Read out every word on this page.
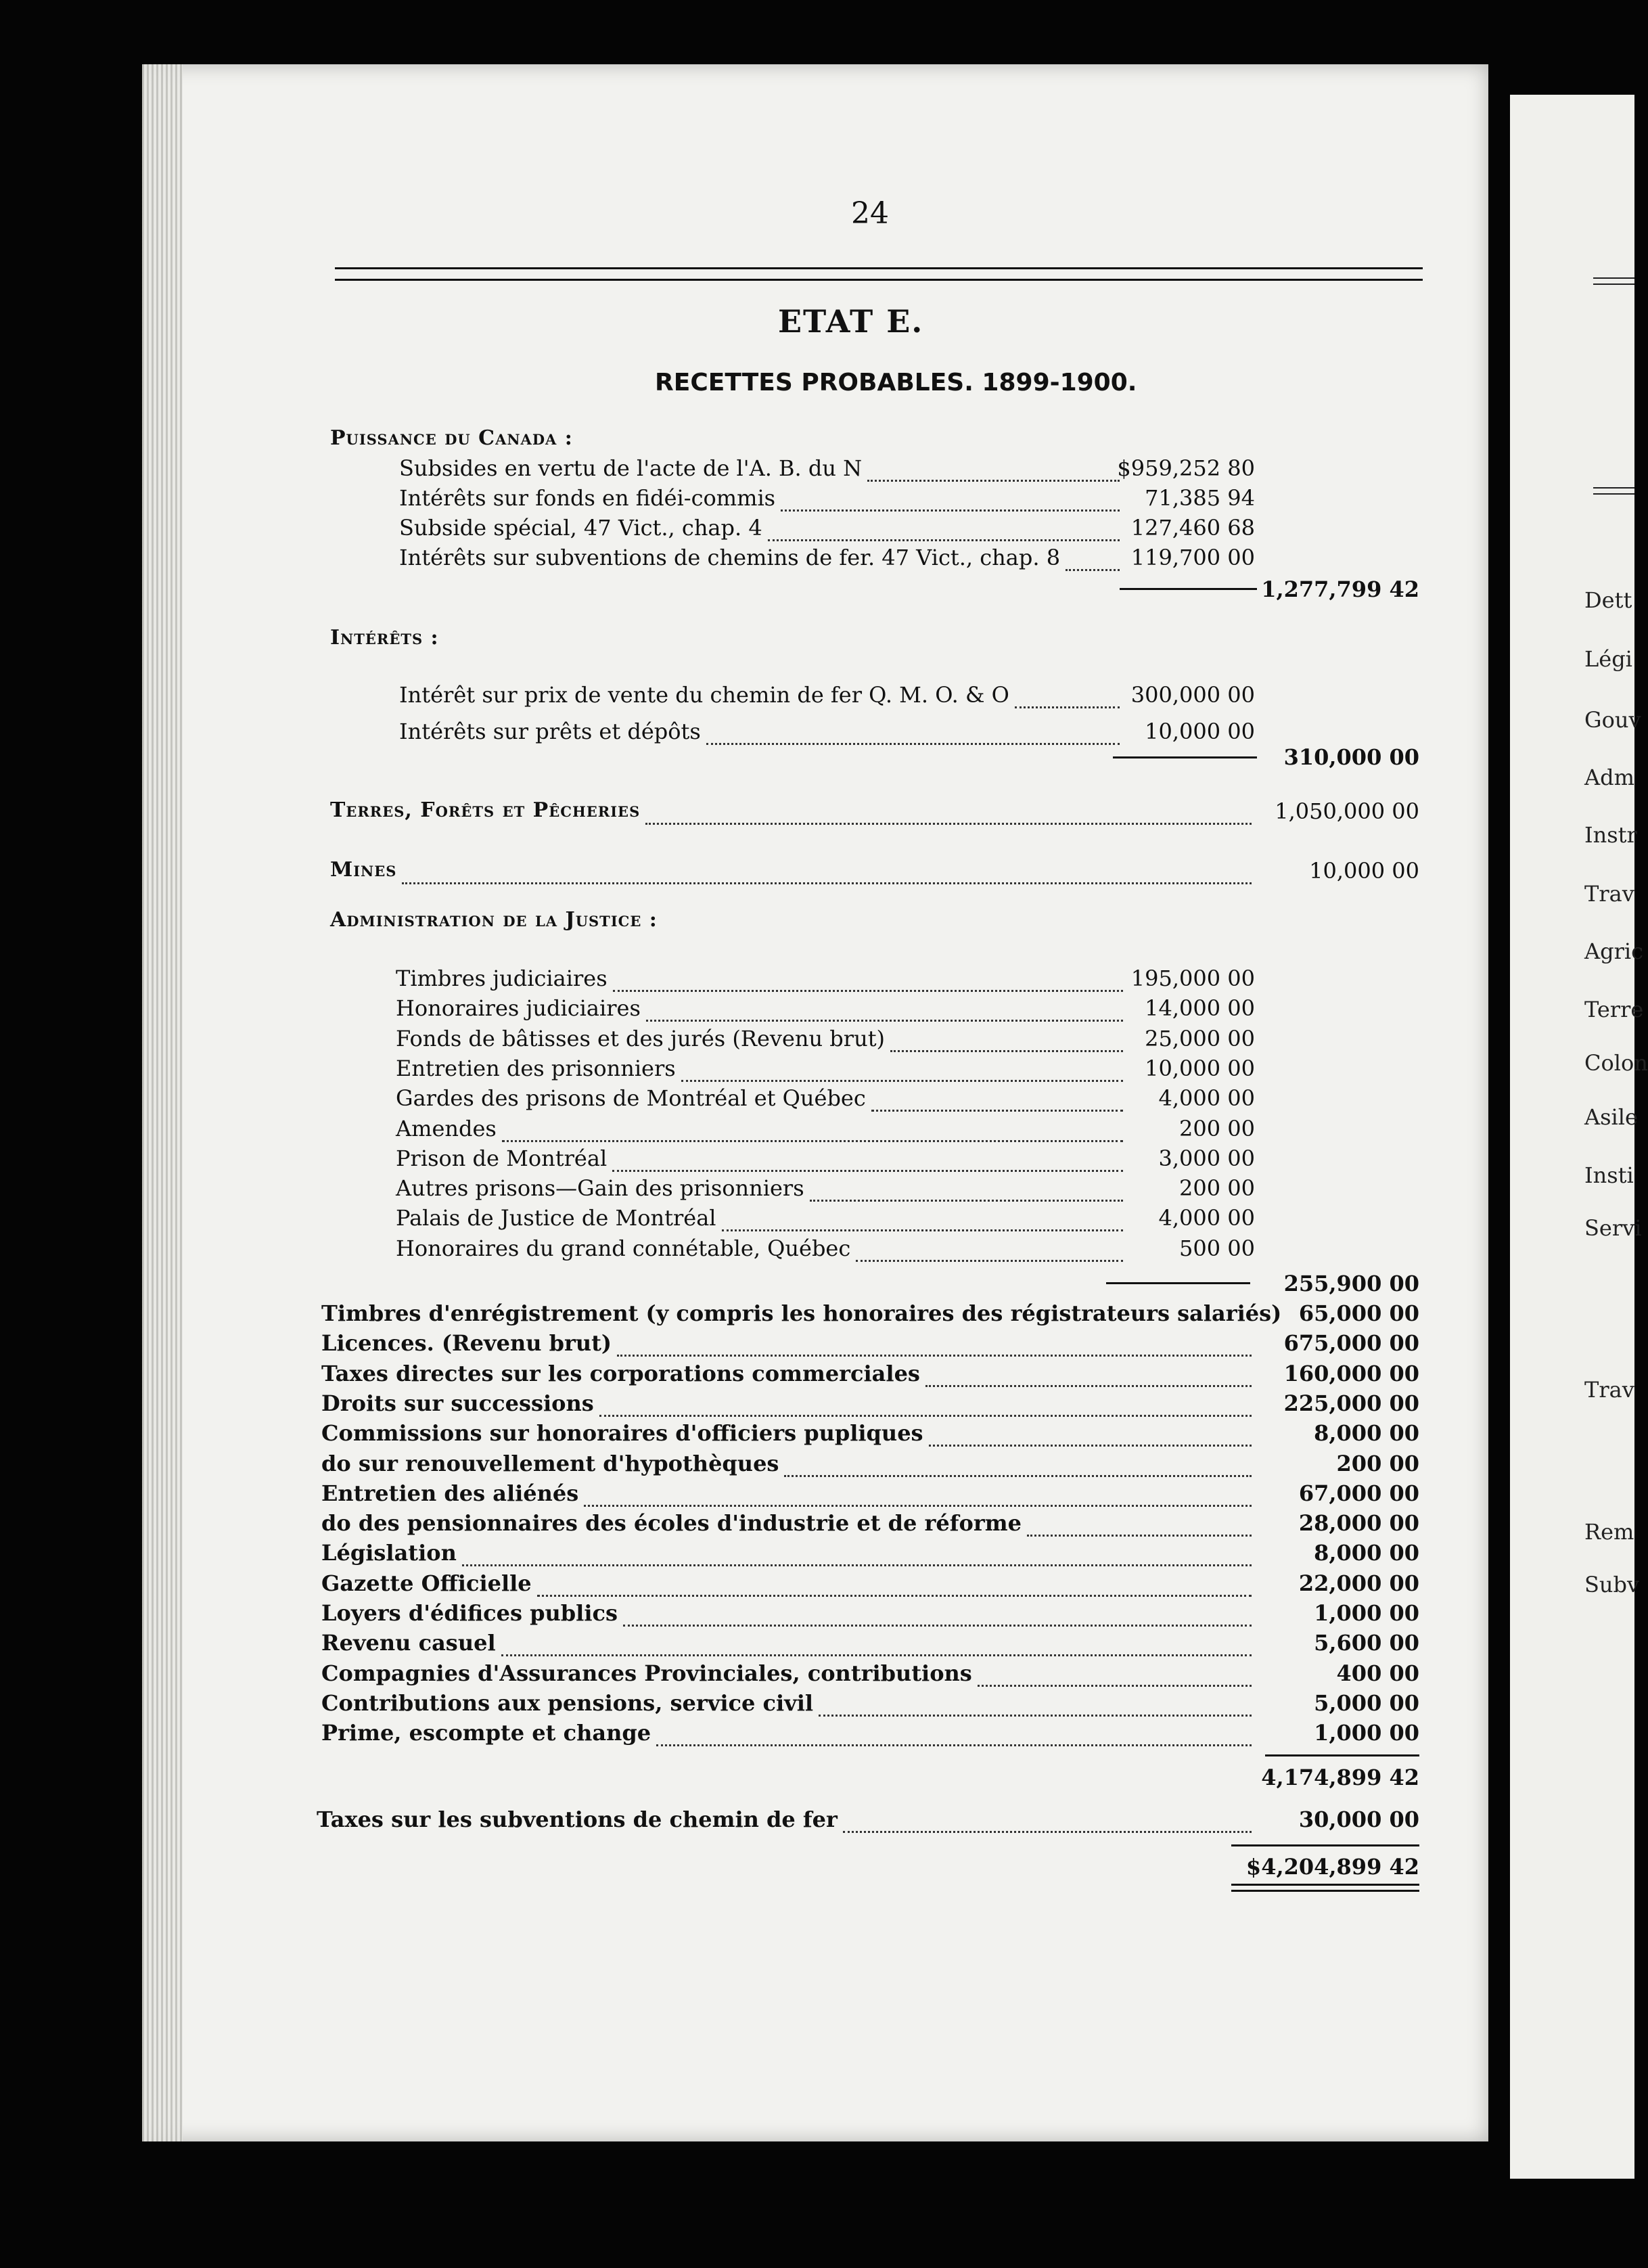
24
ETAT E.
RECETTES PROBABLES. 1899-1900.
Puissance du Canada :
Subsides en vertu de l'acte de l'A. B. du N	$959,252 80
Intérêts sur fonds en fidéi-commis	71,385 94
Subside spécial, 47 Vict., chap. 4	127,460 68
Intérêts sur subventions de chemins de fer. 47 Vict., chap. 8	119,700 00
1,277,799 42
Intérêts :
Intérêt sur prix de vente du chemin de fer Q. M. O. & O	300,000 00
Intérêts sur prêts et dépôts	10,000 00
310,000 00
Terres, Forêts et Pêcheries	1,050,000 00
Mines	10,000 00
Administration de la Justice :
Timbres judiciaires	195,000 00
Honoraires judiciaires	14,000 00
Fonds de bâtisses et des jurés (Revenu brut)	25,000 00
Entretien des prisonniers	10,000 00
Gardes des prisons de Montréal et Québec	4,000 00
Amendes	200 00
Prison de Montréal	3,000 00
Autres prisons—Gain des prisonniers	200 00
Palais de Justice de Montréal	4,000 00
Honoraires du grand connétable, Québec	500 00
255,900 00
Timbres d'enrégistrement (y compris les honoraires des régistrateurs salariés) 65,000 00
Licences. (Revenu brut)	675,000 00
Taxes directes sur les corporations commerciales	160,000 00
Droits sur successions	225,000 00
Commissions sur honoraires d'officiers pupliques	8,000 00
do sur renouvellement d'hypothèques	200 00
Entretien des aliénés	67,000 00
do des pensionnaires des écoles d'industrie et de réforme	28,000 00
Législation	8,000 00
Gazette Officielle	22,000 00
Loyers d'édifices publics	1,000 00
Revenu casuel	5,600 00
Compagnies d'Assurances Provinciales, contributions	400 00
Contributions aux pensions, service civil	5,000 00
Prime, escompte et change	1,000 00
4,174,899 42
Taxes sur les subventions de chemin de fer	30,000 00
$4,204,899 42
Dett
Légi
Gouv
Adm
Instr
Trav
Agric
Terre
Colon
Asile
Insti
Servi
Trav
Rem
Subv
